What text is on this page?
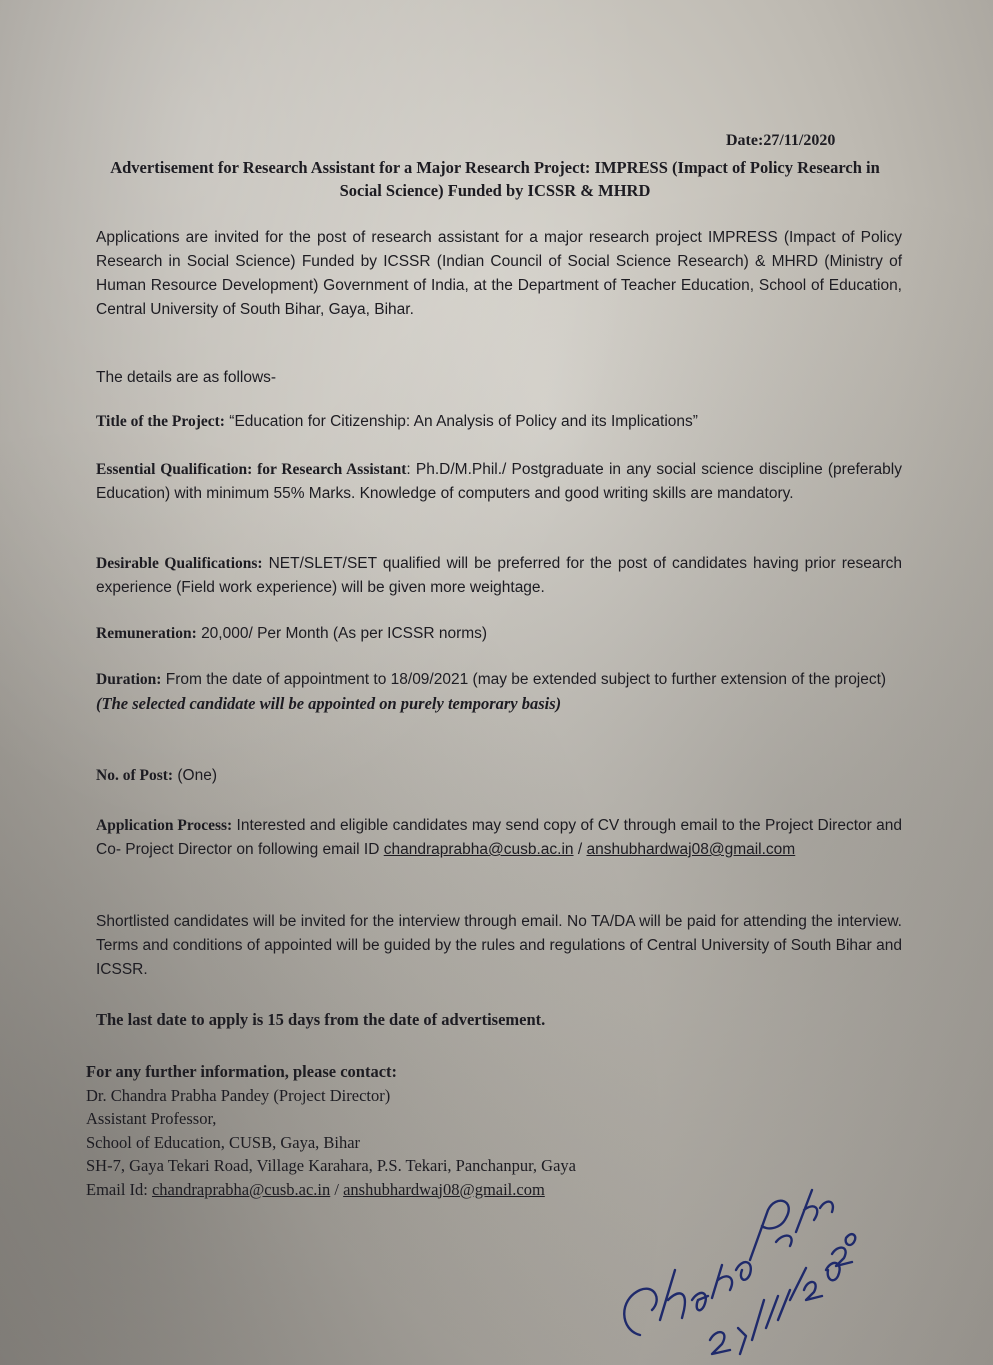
Date:27/11/2020
Advertisement for Research Assistant for a Major Research Project: IMPRESS (Impact of Policy Research in Social Science) Funded by ICSSR & MHRD
Applications are invited for the post of research assistant for a major research project IMPRESS (Impact of Policy Research in Social Science) Funded by ICSSR (Indian Council of Social Science Research) & MHRD (Ministry of Human Resource Development) Government of India, at the Department of Teacher Education, School of Education, Central University of South Bihar, Gaya, Bihar.
The details are as follows-
Title of the Project: “Education for Citizenship: An Analysis of Policy and its Implications”
Essential Qualification: for Research Assistant: Ph.D/M.Phil./ Postgraduate in any social science discipline (preferably Education) with minimum 55% Marks. Knowledge of computers and good writing skills are mandatory.
Desirable Qualifications: NET/SLET/SET qualified will be preferred for the post of candidates having prior research experience (Field work experience) will be given more weightage.
Remuneration: 20,000/ Per Month (As per ICSSR norms)
Duration: From the date of appointment to 18/09/2021 (may be extended subject to further extension of the project)
(The selected candidate will be appointed on purely temporary basis)
No. of Post: (One)
Application Process: Interested and eligible candidates may send copy of CV through email to the Project Director and Co- Project Director on following email ID chandraprabha@cusb.ac.in / anshubhardwaj08@gmail.com
Shortlisted candidates will be invited for the interview through email. No TA/DA will be paid for attending the interview. Terms and conditions of appointed will be guided by the rules and regulations of Central University of South Bihar and ICSSR.
The last date to apply is 15 days from the date of advertisement.
For any further information, please contact:
Dr. Chandra Prabha Pandey (Project Director)
Assistant Professor,
School of Education, CUSB, Gaya, Bihar
SH-7, Gaya Tekari Road, Village Karahara, P.S. Tekari, Panchanpur, Gaya
Email Id: chandraprabha@cusb.ac.in / anshubhardwaj08@gmail.com
